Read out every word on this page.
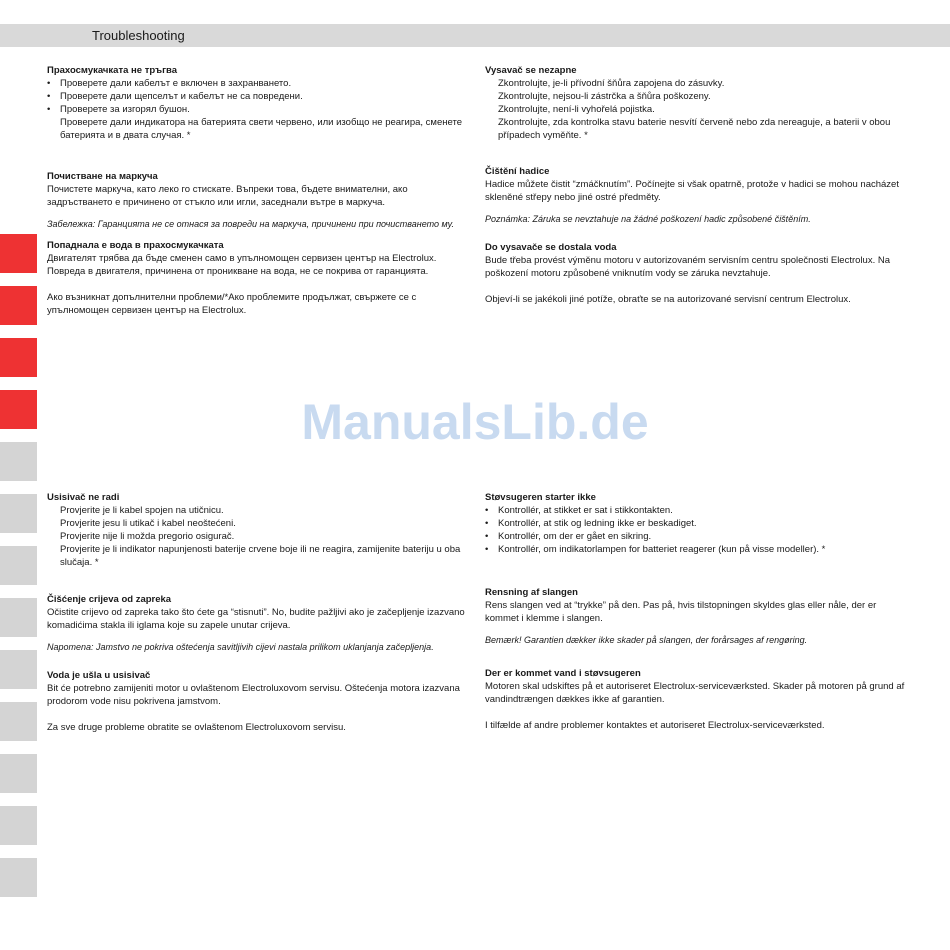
Troubleshooting
ManualsLib.de
Прахосмукачката не тръгва
• Проверете дали кабелът е включен в захранването.
• Проверете дали щепселът и кабелът не са повредени.
• Проверете за изгорял бушон.
Проверете дали индикатора на батерията свети червено, или изобщо не реагира, сменете батерията и в двата случая. *
Почистване на маркуча

Почистете маркуча, като леко го стискате. Въпреки това, бъдете внимателни, ако задръстването е причинено от стъкло или игли, заседнали вътре в маркуча.

Забележка: Гаранцията не се отнася за повреди на маркуча, причинени при почистването му.

Попаднала е вода в прахосмукачката

Двигателят трябва да бъде сменен само в упълномощен сервизен център на Electrolux. Повреда в двигателя, причинена от проникване на вода, не се покрива от гаранцията.

Ако възникнат допълнителни проблеми/*Ако проблемите продължат, свържете се с упълномощен сервизен център на Electrolux.

Vysavač se nezapne
Zkontrolujte, je-li přívodní šňůra zapojena do zásuvky.
Zkontrolujte, nejsou-li zástrčka a šňůra poškozeny.
Zkontrolujte, není-li vyhořelá pojistka.
Zkontrolujte, zda kontrolka stavu baterie nesvítí červeně nebo zda nereaguje, a baterii v obou případech vyměňte. *
Čištění hadice

Hadice můžete čistit “zmáčknutím”. Počínejte si však opatrně, protože v hadici se mohou nacházet skleněné střepy nebo jiné ostré předměty.

Poznámka: Záruka se nevztahuje na žádné poškození hadic způsobené čištěním.

Do vysavače se dostala voda

Bude třeba provést výměnu motoru v autorizovaném servisním centru společnosti Electrolux. Na poškození motoru způsobené vniknutím vody se záruka nevztahuje.

Objeví-li se jakékoli jiné potíže, obraťte se na autorizované servisní centrum Electrolux.

Usisivač ne radi
Provjerite je li kabel spojen na utičnicu.
Provjerite jesu li utikač i kabel neoštećeni.
Provjerite nije li možda pregorio osigurač.
Provjerite je li indikator napunjenosti baterije crvene boje ili ne reagira, zamijenite bateriju u oba slučaja. *
Čišćenje crijeva od zapreka

Očistite crijevo od zapreka tako što ćete ga “stisnuti”. No, budite pažljivi ako je začepljenje izazvano komadićima stakla ili iglama koje su zapele unutar crijeva.

Napomena: Jamstvo ne pokriva oštećenja savitljivih cijevi nastala prilikom uklanjanja začepljenja.

Voda je ušla u usisivač

Bit će potrebno zamijeniti motor u ovlaštenom Electroluxovom servisu. Oštećenja motora izazvana prodorom vode nisu pokrivena jamstvom.

Za sve druge probleme obratite se ovlaštenom Electroluxovom servisu.

Støvsugeren starter ikke
• Kontrollér, at stikket er sat i stikkontakten.
• Kontrollér, at stik og ledning ikke er beskadiget.
• Kontrollér, om der er gået en sikring.
• Kontrollér, om indikatorlampen for batteriet reagerer (kun på visse modeller). *
Rensning af slangen

Rens slangen ved at “trykke” på den. Pas på, hvis tilstopningen skyldes glas eller nåle, der er kommet i klemme i slangen.

Bemærk! Garantien dækker ikke skader på slangen, der forårsages af rengøring.

Der er kommet vand i støvsugeren

Motoren skal udskiftes på et autoriseret Electrolux-serviceværksted. Skader på motoren på grund af vandindtrængen dækkes ikke af garantien.

I tilfælde af andre problemer kontaktes et autoriseret Electrolux-serviceværksted.
